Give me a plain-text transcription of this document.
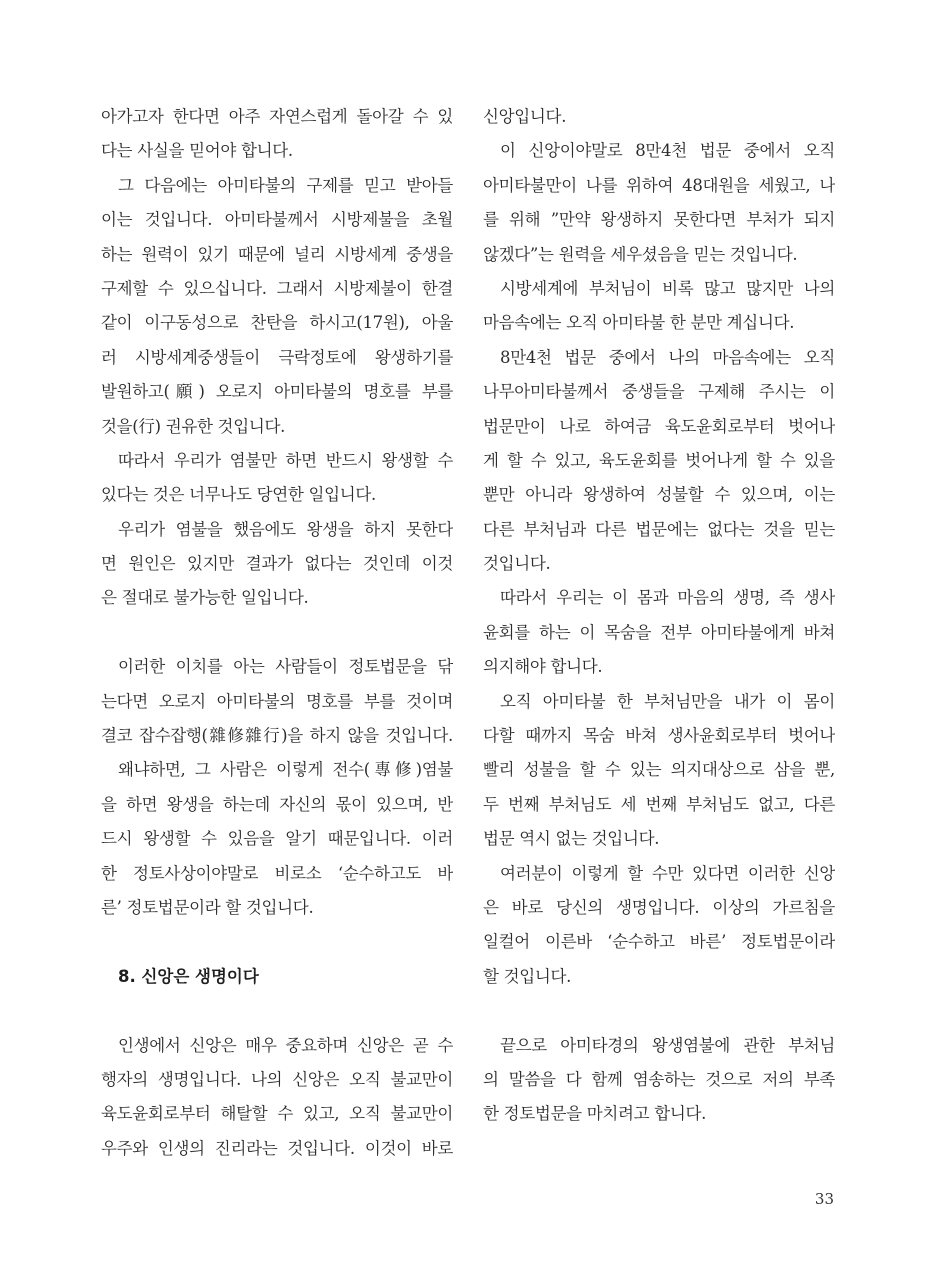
아가고자 한다면 아주 자연스럽게 돌아갈 수 있
다는 사실을 믿어야 합니다.
그 다음에는 아미타불의 구제를 믿고 받아들
이는 것입니다. 아미타불께서 시방제불을 초월
하는 원력이 있기 때문에 널리 시방세계 중생을
구제할 수 있으십니다. 그래서 시방제불이 한결
같이 이구동성으로 찬탄을 하시고(17원), 아울
러 시방세계중생들이 극락정토에 왕생하기를
발원하고(願) 오로지 아미타불의 명호를 부를
것을(行) 권유한 것입니다.
따라서 우리가 염불만 하면 반드시 왕생할 수
있다는 것은 너무나도 당연한 일입니다.
우리가 염불을 했음에도 왕생을 하지 못한다
면 원인은 있지만 결과가 없다는 것인데 이것
은 절대로 불가능한 일입니다.
이러한 이치를 아는 사람들이 정토법문을 닦
는다면 오로지 아미타불의 명호를 부를 것이며
결코 잡수잡행(雜修雜行)을 하지 않을 것입니다.
왜냐하면, 그 사람은 이렇게 전수(專修)염불
을 하면 왕생을 하는데 자신의 몫이 있으며, 반
드시 왕생할 수 있음을 알기 때문입니다. 이러
한 정토사상이야말로 비로소 ‘순수하고도 바
른’ 정토법문이라 할 것입니다.
8. 신앙은 생명이다
인생에서 신앙은 매우 중요하며 신앙은 곧 수
행자의 생명입니다. 나의 신앙은 오직 불교만이
육도윤회로부터 해탈할 수 있고, 오직 불교만이
우주와 인생의 진리라는 것입니다. 이것이 바로
신앙입니다.
이 신앙이야말로 8만4천 법문 중에서 오직
아미타불만이 나를 위하여 48대원을 세웠고, 나
를 위해 ”만약 왕생하지 못한다면 부처가 되지
않겠다”는 원력을 세우셨음을 믿는 것입니다.
시방세계에 부처님이 비록 많고 많지만 나의
마음속에는 오직 아미타불 한 분만 계십니다.
8만4천 법문 중에서 나의 마음속에는 오직
나무아미타불께서 중생들을 구제해 주시는 이
법문만이 나로 하여금 육도윤회로부터 벗어나
게 할 수 있고, 육도윤회를 벗어나게 할 수 있을
뿐만 아니라 왕생하여 성불할 수 있으며, 이는
다른 부처님과 다른 법문에는 없다는 것을 믿는
것입니다.
따라서 우리는 이 몸과 마음의 생명, 즉 생사
윤회를 하는 이 목숨을 전부 아미타불에게 바쳐
의지해야 합니다.
오직 아미타불 한 부처님만을 내가 이 몸이
다할 때까지 목숨 바쳐 생사윤회로부터 벗어나
빨리 성불을 할 수 있는 의지대상으로 삼을 뿐,
두 번째 부처님도 세 번째 부처님도 없고, 다른
법문 역시 없는 것입니다.
여러분이 이렇게 할 수만 있다면 이러한 신앙
은 바로 당신의 생명입니다. 이상의 가르침을
일컬어 이른바 ‘순수하고 바른’ 정토법문이라
할 것입니다.
끝으로 아미타경의 왕생염불에 관한 부처님
의 말씀을 다 함께 염송하는 것으로 저의 부족
한 정토법문을 마치려고 합니다.
33
